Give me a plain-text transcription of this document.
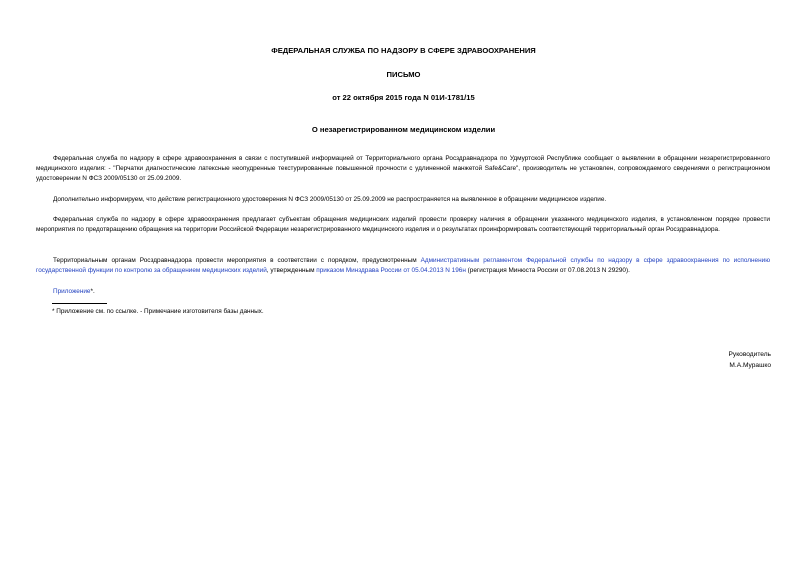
ФЕДЕРАЛЬНАЯ СЛУЖБА ПО НАДЗОРУ В СФЕРЕ ЗДРАВООХРАНЕНИЯ
ПИСЬМО
от 22 октября 2015 года N 01И-1781/15
О незарегистрированном медицинском изделии

Федеральная служба по надзору в сфере здравоохранения в связи с поступившей информацией от Территориального органа Росздравнадзора по Удмуртской Республике сообщает о выявлении в обращении незарегистрированного медицинского изделия: - "Перчатки диагностические латексные неопудренные текстурированные повышенной прочности с удлиненной манжетой Safe&Care", производитель не установлен, сопровождаемого сведениями о регистрационном удостоверении N ФСЗ 2009/05130 от 25.09.2009.

Дополнительно информируем, что действие регистрационного удостоверения N ФСЗ 2009/05130 от 25.09.2009 не распространяется на выявленное в обращении медицинское изделие.

Федеральная служба по надзору в сфере здравоохранения предлагает субъектам обращения медицинских изделий провести проверку наличия в обращении указанного медицинского изделия, в установленном порядке провести мероприятия по предотвращению обращения на территории Российской Федерации незарегистрированного медицинского изделия и о результатах проинформировать соответствующий территориальный орган Росздравнадзора.

Территориальным органам Росздравнадзора провести мероприятия в соответствии с порядком, предусмотренным Административным регламентом Федеральной службы по надзору в сфере здравоохранения по исполнению государственной функции по контролю за обращением медицинских изделий, утвержденным приказом Минздрава России от 05.04.2013 N 196н (регистрация Минюста России от 07.08.2013 N 29290).

Приложение*.

* Приложение см. по ссылке. - Примечание изготовителя базы данных.
Руководитель
М.А.Мурашко
